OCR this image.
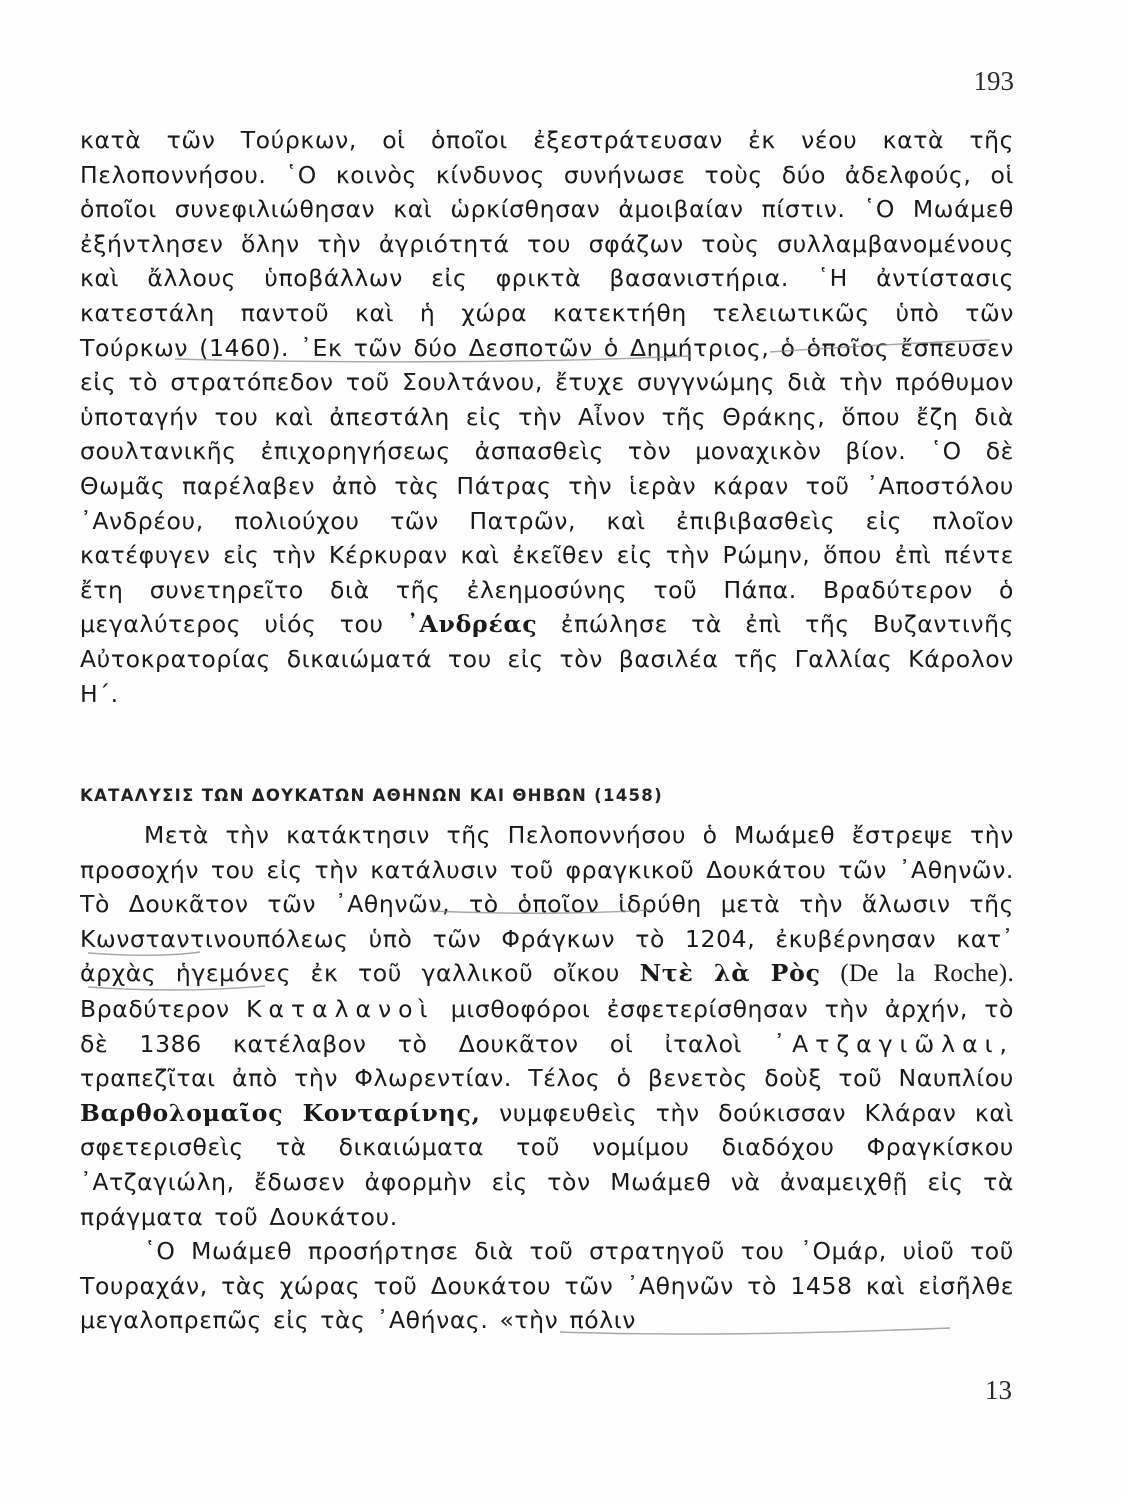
193

κατὰ τῶν Τούρκων, οἱ ὁποῖοι ἐξεστράτευσαν ἐκ νέου κατὰ τῆς Πελοποννήσου. ῾Ο κοινὸς κίνδυνος συνήνωσε τοὺς δύο ἀδελφούς, οἱ ὁποῖοι συνεφιλιώθησαν καὶ ὡρκίσθησαν ἀμοιβαίαν πίστιν. ῾Ο Μωάμεθ ἐξήντλησεν ὅλην τὴν ἀγριότητά του σφάζων τοὺς συλλαμβανομένους καὶ ἄλλους ὑποβάλλων εἰς φρικτὰ βασανιστήρια. ῾Η ἀντίστασις κατεστάλη παντοῦ καὶ ἡ χώρα κατεκτήθη τελειωτικῶς ὑπὸ τῶν Τούρκων (1460). ᾿Εκ τῶν δύο Δεσποτῶν ὁ Δημήτριος, ὁ ὁποῖος ἔσπευσεν εἰς τὸ στρατόπεδον τοῦ Σουλτάνου, ἔτυχε συγγνώμης διὰ τὴν πρόθυμον ὑποταγήν του καὶ ἀπεστάλη εἰς τὴν Αἶνον τῆς Θράκης, ὅπου ἔζη διὰ σουλτανικῆς ἐπιχορηγήσεως ἀσπασθεὶς τὸν μοναχικὸν βίον. ῾Ο δὲ Θωμᾶς παρέλαβεν ἀπὸ τὰς Πάτρας τὴν ἱερὰν κάραν τοῦ ᾿Αποστόλου ᾿Ανδρέου, πολιούχου τῶν Πατρῶν, καὶ ἐπιβιβασθεὶς εἰς πλοῖον κατέφυγεν εἰς τὴν Κέρκυραν καὶ ἐκεῖθεν εἰς τὴν Ρώμην, ὅπου ἐπὶ πέντε ἔτη συνετηρεῖτο διὰ τῆς ἐλεημοσύνης τοῦ Πάπα. Βραδύτερον ὁ μεγαλύτερος υἱός του ᾿Ανδρέας ἐπώλησε τὰ ἐπὶ τῆς Βυζαντινῆς Αὐτοκρατορίας δικαιώματά του εἰς τὸν βασιλέα τῆς Γαλλίας Κάρολον Η΄.

ΚΑΤΑΛΥΣΙΣ ΤΩΝ ΔΟΥΚΑΤΩΝ ΑΘΗΝΩΝ ΚΑΙ ΘΗΒΩΝ (1458)

Μετὰ τὴν κατάκτησιν τῆς Πελοποννήσου ὁ Μωάμεθ ἔστρεψε τὴν προσοχήν του εἰς τὴν κατάλυσιν τοῦ φραγκικοῦ Δουκάτου τῶν ᾿Αθηνῶν. Τὸ Δουκᾶτον τῶν ᾿Αθηνῶν, τὸ ὁποῖον ἱδρύθη μετὰ τὴν ἅλωσιν τῆς Κωνσταντινουπόλεως ὑπὸ τῶν Φράγκων τὸ 1204, ἐκυβέρνησαν κατ᾿ ἀρχὰς ἡγεμόνες ἐκ τοῦ γαλλικοῦ οἴκου Ντὲ λὰ Ρὸς (De la Roche). Βραδύτερον Καταλανοὶ μισθοφόροι ἐσφετερίσθησαν τὴν ἀρχήν, τὸ δὲ 1386 κατέλαβον τὸ Δουκᾶτον οἱ ἰταλοὶ ᾿Ατζαγιῶλαι, τραπεζῖται ἀπὸ τὴν Φλωρεντίαν. Τέλος ὁ βενετὸς δοὺξ τοῦ Ναυπλίου Βαρθολομαῖος Κονταρίνης, νυμφευθεὶς τὴν δούκισσαν Κλάραν καὶ σφετερισθεὶς τὰ δικαιώματα τοῦ νομίμου διαδόχου Φραγκίσκου ᾿Ατζαγιώλη, ἔδωσεν ἀφορμὴν εἰς τὸν Μωάμεθ νὰ ἀναμειχθῇ εἰς τὰ πράγματα τοῦ Δουκάτου.

῾Ο Μωάμεθ προσήρτησε διὰ τοῦ στρατηγοῦ του ᾿Ομάρ, υἱοῦ τοῦ Τουραχάν, τὰς χώρας τοῦ Δουκάτου τῶν ᾿Αθηνῶν τὸ 1458 καὶ εἰσῆλθε μεγαλοπρεπῶς εἰς τὰς ᾿Αθήνας. «τὴν πόλιν

13
